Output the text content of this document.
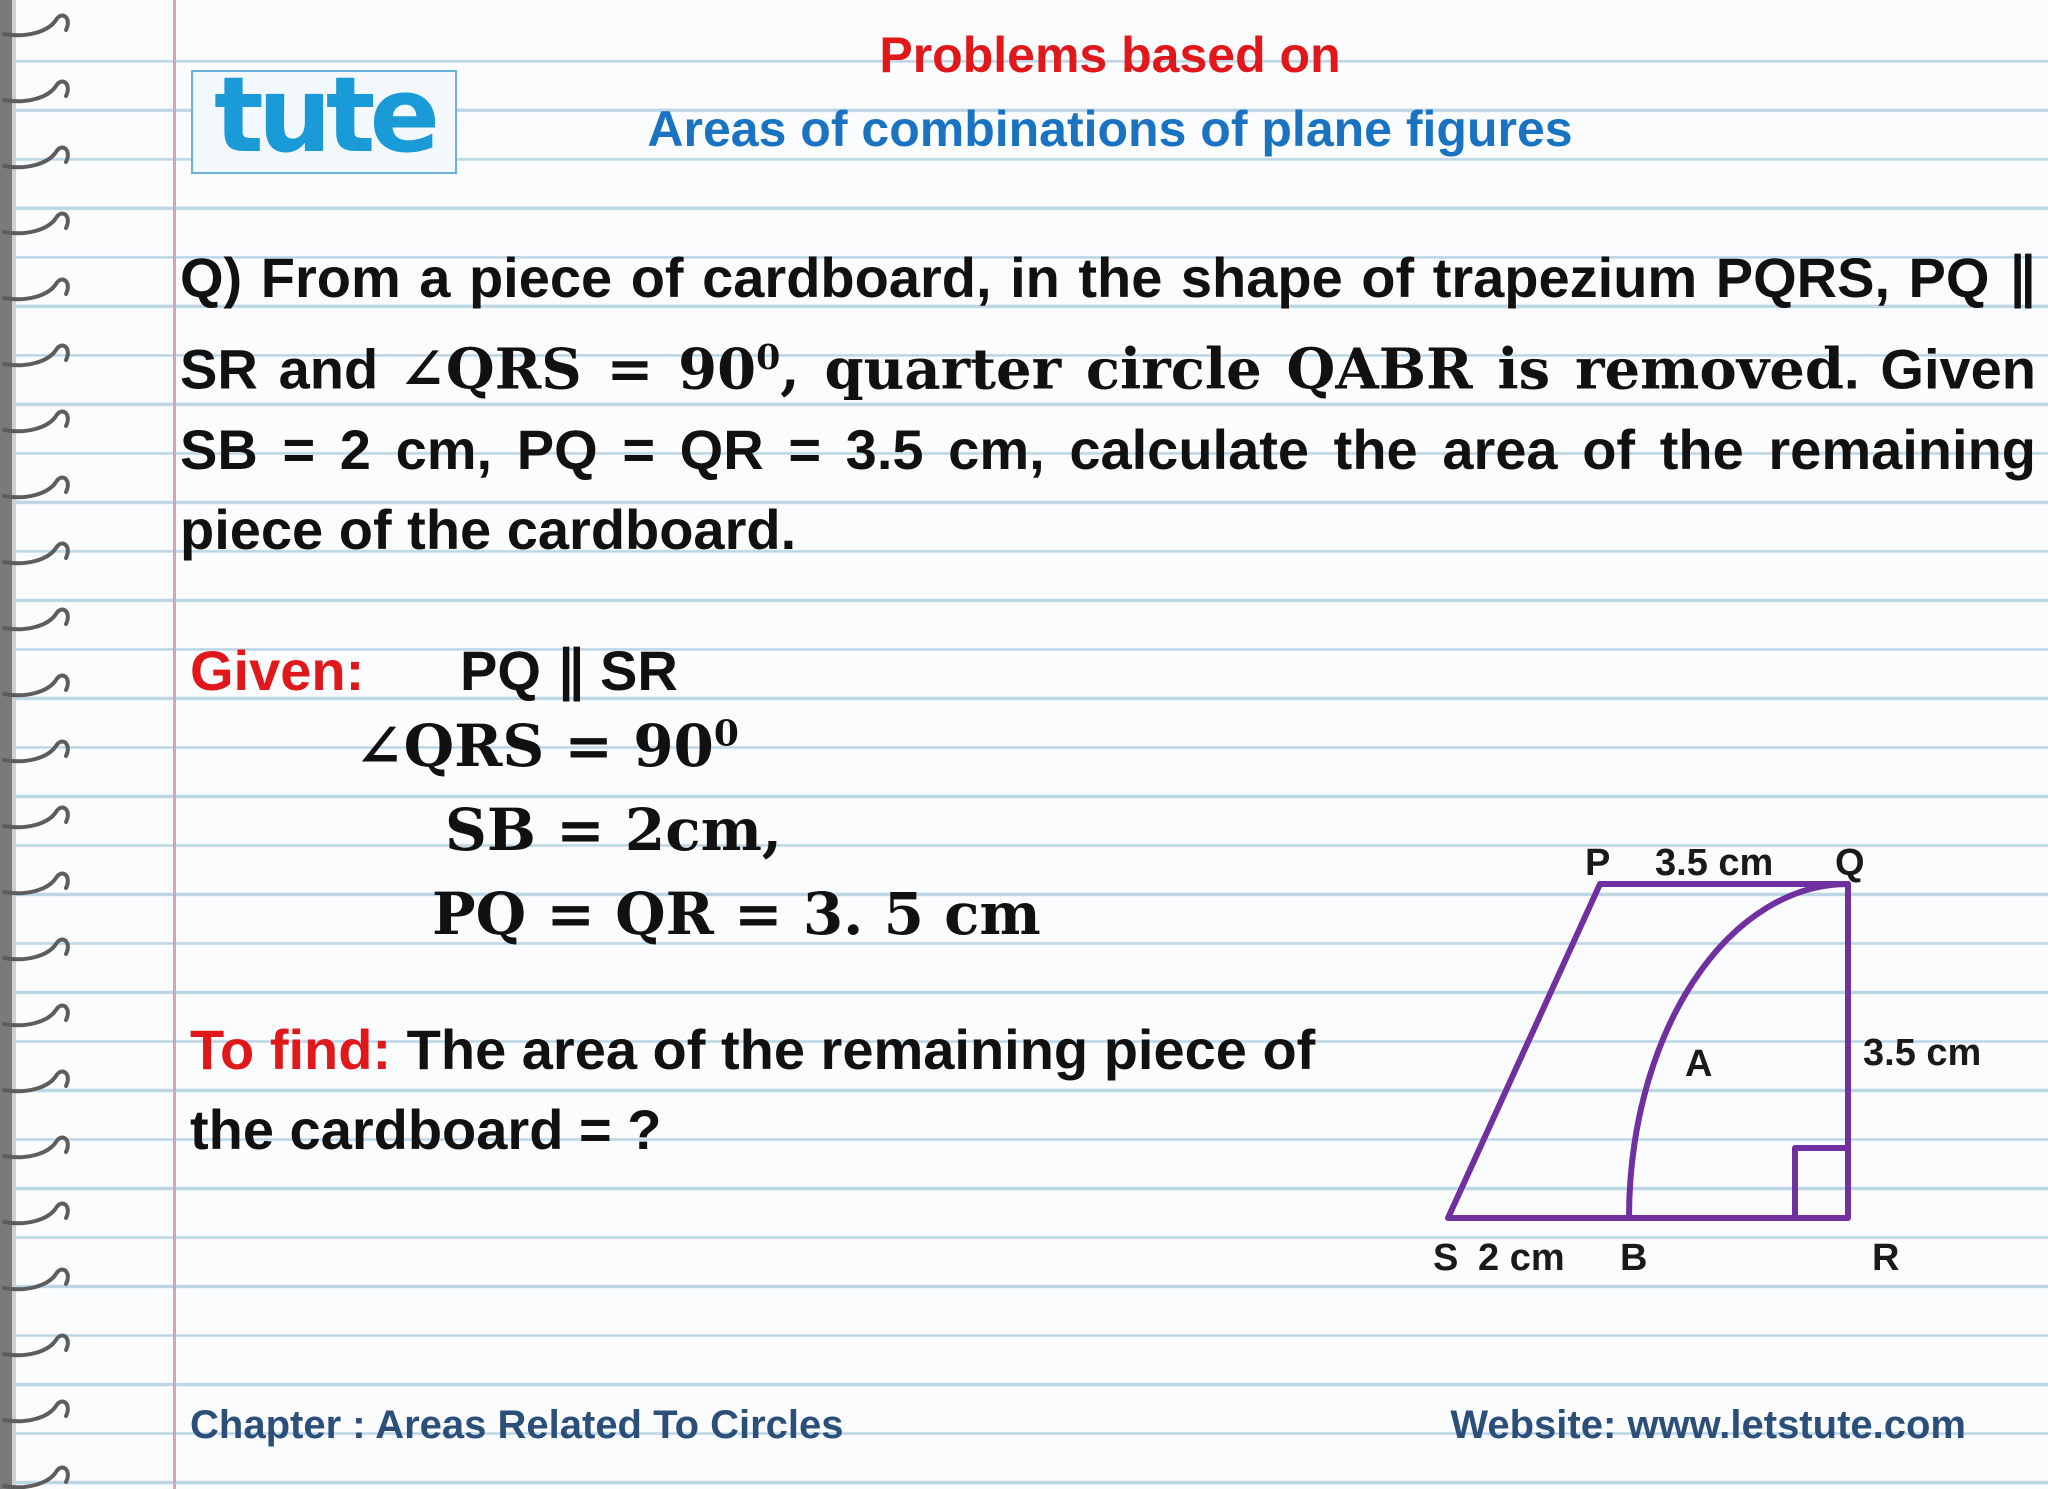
tute	Problems based on
Areas of combinations of plane figures
Q) From a piece of cardboard, in the shape of trapezium PQRS, PQ ∥ SR and ∠QRS = $90^0$, quarter circle QABR is removed. Given SB = 2 cm, PQ = QR = 3.5 cm, calculate the area of the remaining piece of the cardboard.
Given: PQ ∥ SR
∠QRS = $90^0$
SB = 2cm,
PQ = QR = 3. 5 cm
To find: The area of the remaining piece of the cardboard = ?
P 3.5 cm Q
3.5 cm
A
S 2 cm B	R
Chapter : Areas Related To Circles	Website: www.letstute.com
